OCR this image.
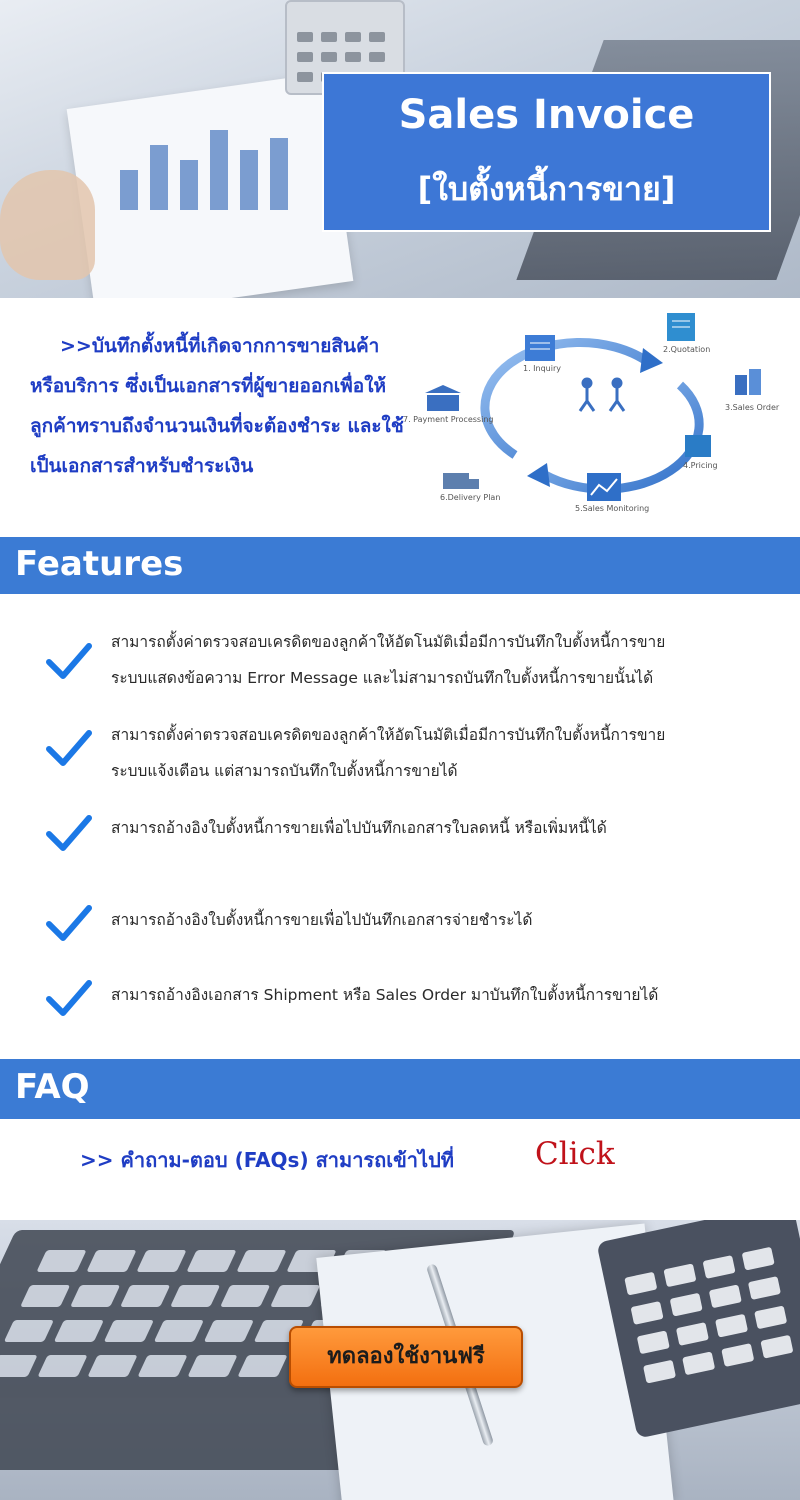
Sales Invoice
[ใบตั้งหนี้การขาย]
>>บันทึกตั้งหนี้ที่เกิดจากการขายสินค้าหรือบริการ ซึ่งเป็นเอกสารที่ผู้ขายออกเพื่อให้ลูกค้าทราบถึงจำนวนเงินที่จะต้องชำระ และใช้เป็นเอกสารสำหรับชำระเงิน
Customer and Sales
1. Inquiry
2.Quotation
3.Sales Order
4.Pricing
5.Sales Monitoring
6.Delivery Plan
7. Payment Processing
Features
สามารถตั้งค่าตรวจสอบเครดิตของลูกค้าให้อัตโนมัติเมื่อมีการบันทึกใบตั้งหนี้การขาย
ระบบแสดงข้อความ Error Message และไม่สามารถบันทึกใบตั้งหนี้การขายนั้นได้
สามารถตั้งค่าตรวจสอบเครดิตของลูกค้าให้อัตโนมัติเมื่อมีการบันทึกใบตั้งหนี้การขาย
ระบบแจ้งเตือน แต่สามารถบันทึกใบตั้งหนี้การขายได้
สามารถอ้างอิงใบตั้งหนี้การขายเพื่อไปบันทึกเอกสารใบลดหนี้ หรือเพิ่มหนี้ได้
สามารถอ้างอิงใบตั้งหนี้การขายเพื่อไปบันทึกเอกสารจ่ายชำระได้
สามารถอ้างอิงเอกสาร Shipment หรือ Sales Order มาบันทึกใบตั้งหนี้การขายได้
FAQ
>> คำถาม-ตอบ (FAQs) สามารถเข้าไปที่	Click
ทดลองใช้งานฟรี
